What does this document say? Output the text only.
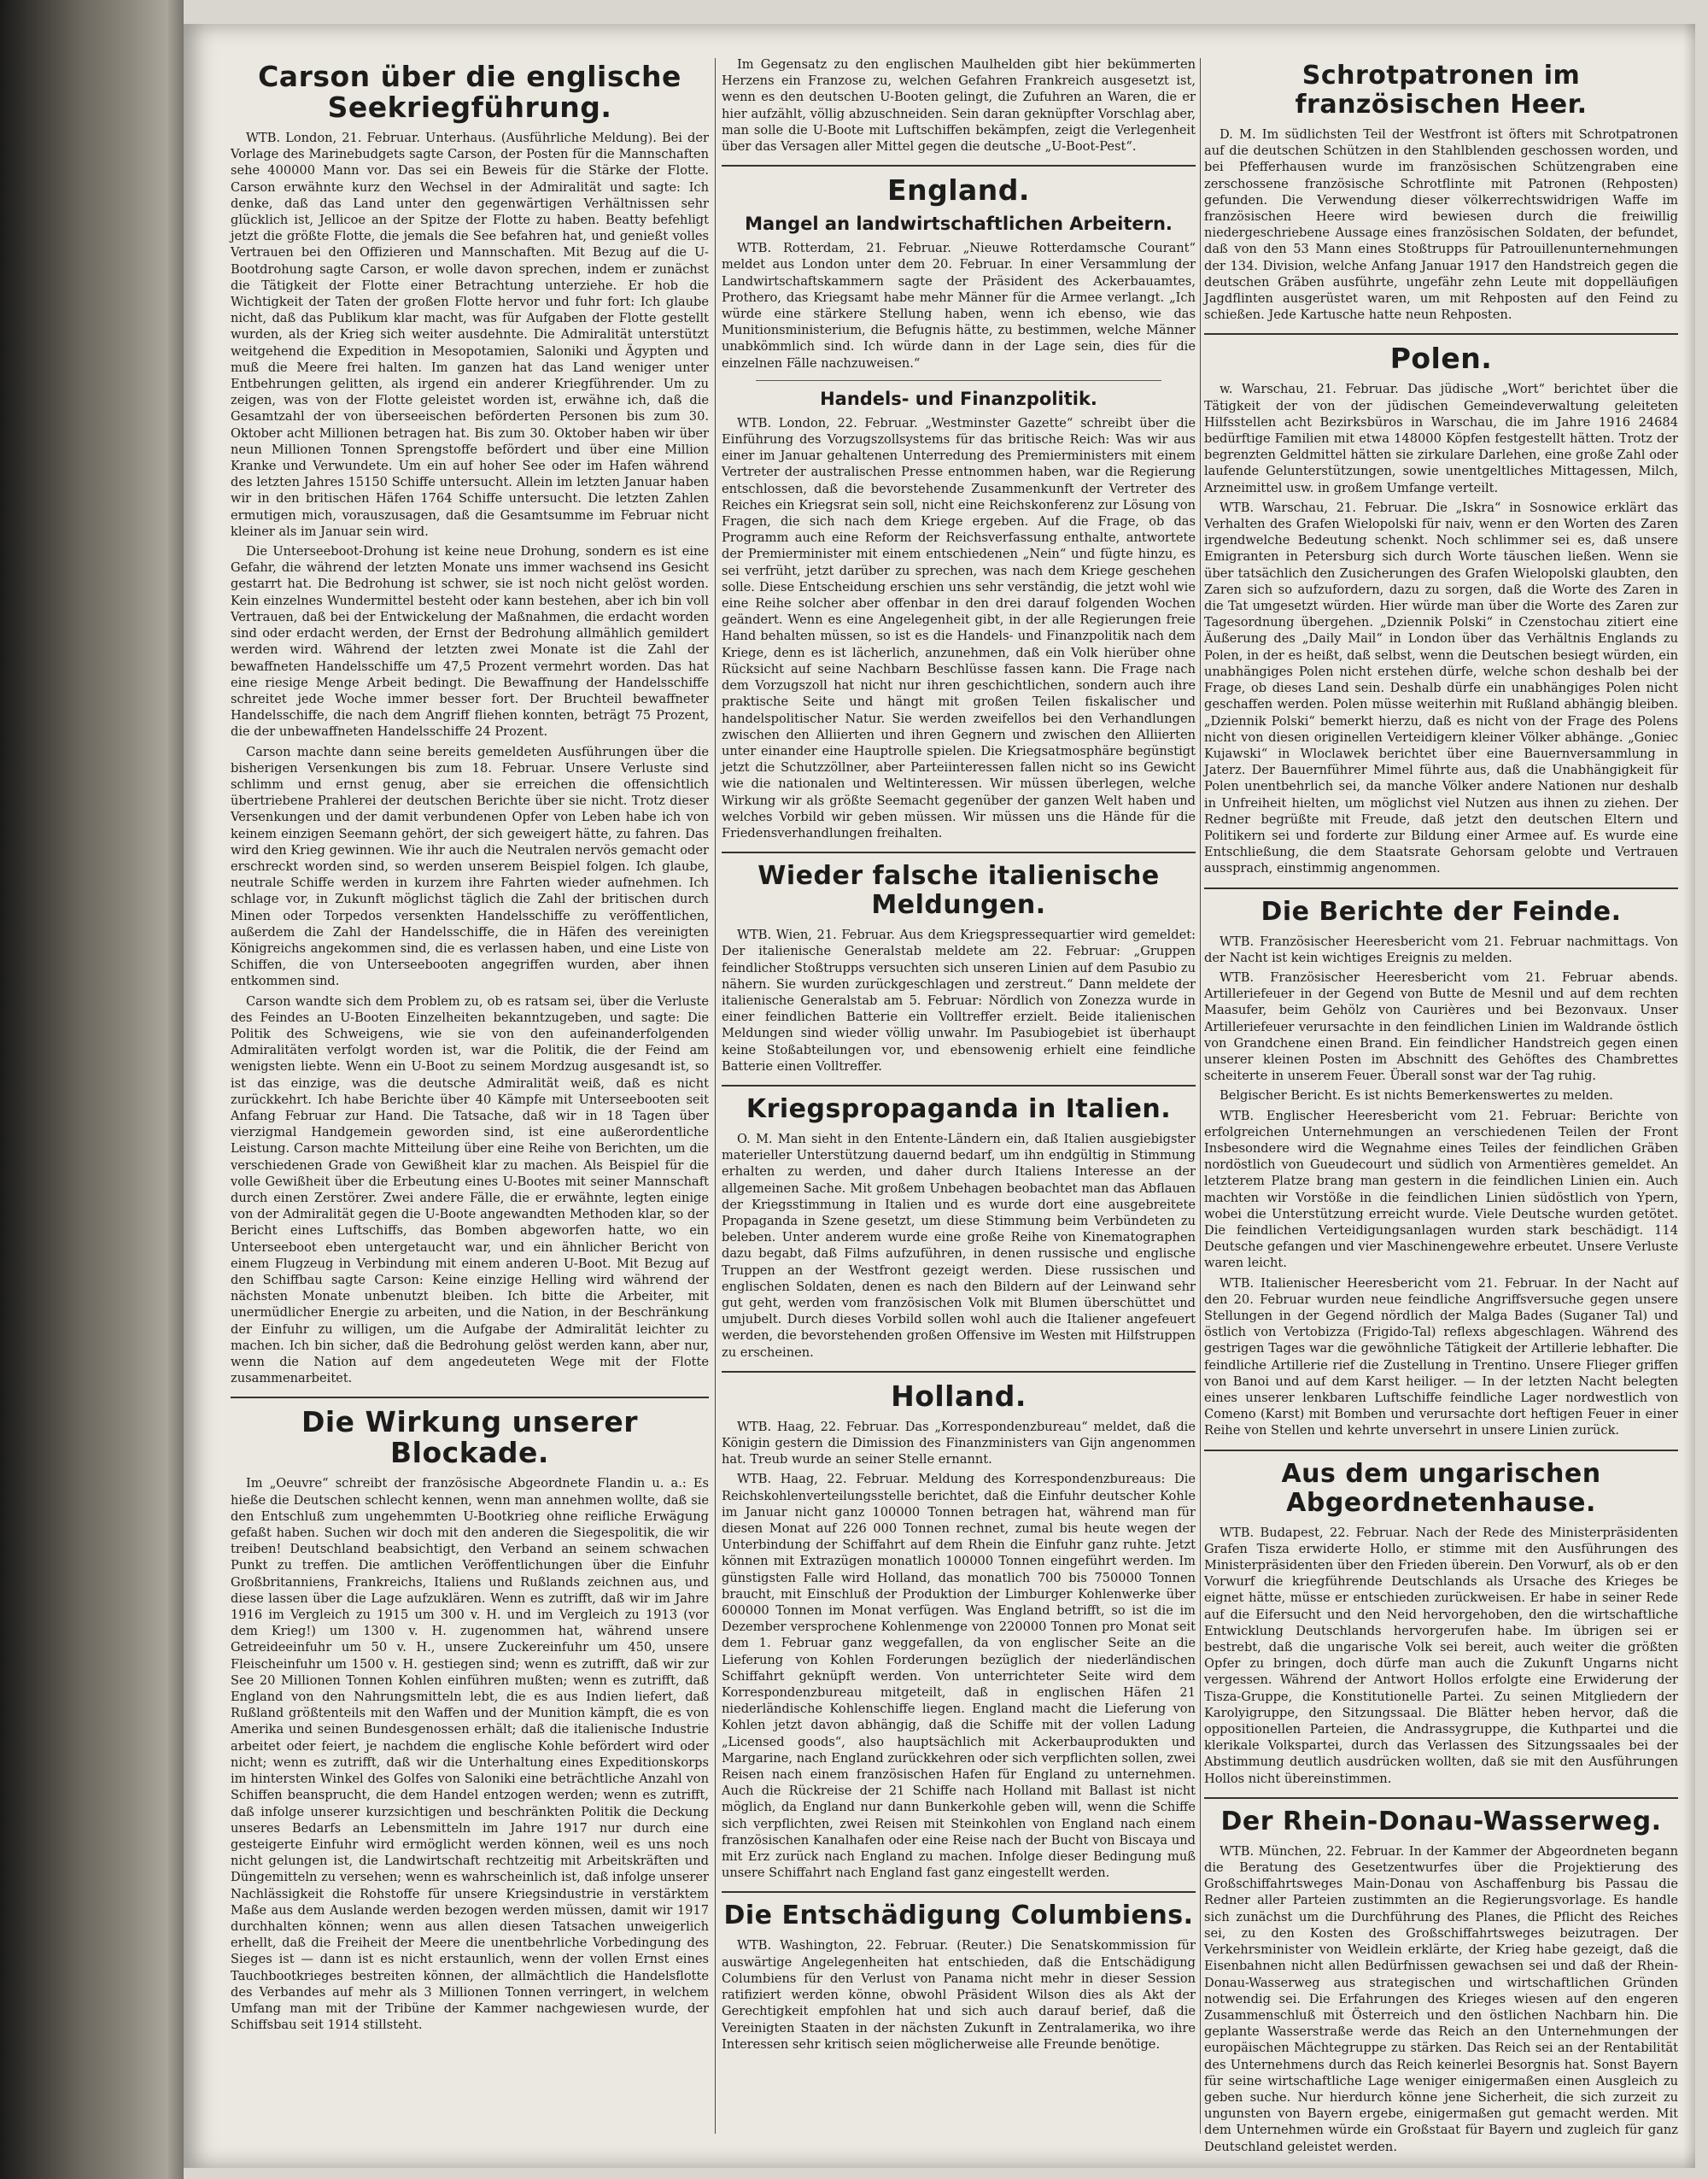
Carson über die englische Seekriegführung.

WTB. London, 21. Februar. Unterhaus. (Ausführliche Meldung). Bei der Vorlage des Marinebudgets sagte Carson, der Posten für die Mannschaften sehe 400000 Mann vor. Das sei ein Beweis für die Stärke der Flotte. Carson erwähnte kurz den Wechsel in der Admiralität und sagte: Ich denke, daß das Land unter den gegenwärtigen Verhältnissen sehr glücklich ist, Jellicoe an der Spitze der Flotte zu haben. Beatty befehligt jetzt die größte Flotte, die jemals die See befahren hat, und genießt volles Vertrauen bei den Offizieren und Mannschaften. Mit Bezug auf die U-Bootdrohung sagte Carson, er wolle davon sprechen, indem er zunächst die Tätigkeit der Flotte einer Betrachtung unterziehe. Er hob die Wichtigkeit der Taten der großen Flotte hervor und fuhr fort: Ich glaube nicht, daß das Publikum klar macht, was für Aufgaben der Flotte gestellt wurden, als der Krieg sich weiter ausdehnte. Die Admiralität unterstützt weitgehend die Expedition in Mesopotamien, Saloniki und Ägypten und muß die Meere frei halten. Im ganzen hat das Land weniger unter Entbehrungen gelitten, als irgend ein anderer Kriegführender. Um zu zeigen, was von der Flotte geleistet worden ist, erwähne ich, daß die Gesamtzahl der von überseeischen beförderten Personen bis zum 30. Oktober acht Millionen betragen hat. Bis zum 30. Oktober haben wir über neun Millionen Tonnen Sprengstoffe befördert und über eine Million Kranke und Verwundete. Um ein auf hoher See oder im Hafen während des letzten Jahres 15150 Schiffe untersucht. Allein im letzten Januar haben wir in den britischen Häfen 1764 Schiffe untersucht. Die letzten Zahlen ermutigen mich, vorauszusagen, daß die Gesamtsumme im Februar nicht kleiner als im Januar sein wird.

Die Unterseeboot-Drohung ist keine neue Drohung, sondern es ist eine Gefahr, die während der letzten Monate uns immer wachsend ins Gesicht gestarrt hat. Die Bedrohung ist schwer, sie ist noch nicht gelöst worden. Kein einzelnes Wundermittel besteht oder kann bestehen, aber ich bin voll Vertrauen, daß bei der Entwickelung der Maßnahmen, die erdacht worden sind oder erdacht werden, der Ernst der Bedrohung allmählich gemildert werden wird. Während der letzten zwei Monate ist die Zahl der bewaffneten Handelsschiffe um 47,5 Prozent vermehrt worden. Das hat eine riesige Menge Arbeit bedingt. Die Bewaffnung der Handelsschiffe schreitet jede Woche immer besser fort. Der Bruchteil bewaffneter Handelsschiffe, die nach dem Angriff fliehen konnten, beträgt 75 Prozent, die der unbewaffneten Handelsschiffe 24 Prozent.

Carson machte dann seine bereits gemeldeten Ausführungen über die bisherigen Versenkungen bis zum 18. Februar. Unsere Verluste sind schlimm und ernst genug, aber sie erreichen die offensichtlich übertriebene Prahlerei der deutschen Berichte über sie nicht. Trotz dieser Versenkungen und der damit verbundenen Opfer von Leben habe ich von keinem einzigen Seemann gehört, der sich geweigert hätte, zu fahren. Das wird den Krieg gewinnen. Wie ihr auch die Neutralen nervös gemacht oder erschreckt worden sind, so werden unserem Beispiel folgen. Ich glaube, neutrale Schiffe werden in kurzem ihre Fahrten wieder aufnehmen. Ich schlage vor, in Zukunft möglichst täglich die Zahl der britischen durch Minen oder Torpedos versenkten Handelsschiffe zu veröffentlichen, außerdem die Zahl der Handelsschiffe, die in Häfen des vereinigten Königreichs angekommen sind, die es verlassen haben, und eine Liste von Schiffen, die von Unterseebooten angegriffen wurden, aber ihnen entkommen sind.

Carson wandte sich dem Problem zu, ob es ratsam sei, über die Verluste des Feindes an U-Booten Einzelheiten bekanntzugeben, und sagte: Die Politik des Schweigens, wie sie von den aufeinanderfolgenden Admiralitäten verfolgt worden ist, war die Politik, die der Feind am wenigsten liebte. Wenn ein U-Boot zu seinem Mordzug ausgesandt ist, so ist das einzige, was die deutsche Admiralität weiß, daß es nicht zurückkehrt. Ich habe Berichte über 40 Kämpfe mit Unterseebooten seit Anfang Februar zur Hand. Die Tatsache, daß wir in 18 Tagen über vierzigmal Handgemein geworden sind, ist eine außerordentliche Leistung. Carson machte Mitteilung über eine Reihe von Berichten, um die verschiedenen Grade von Gewißheit klar zu machen. Als Beispiel für die volle Gewißheit über die Erbeutung eines U-Bootes mit seiner Mannschaft durch einen Zerstörer. Zwei andere Fälle, die er erwähnte, legten einige von der Admiralität gegen die U-Boote angewandten Methoden klar, so der Bericht eines Luftschiffs, das Bomben abgeworfen hatte, wo ein Unterseeboot eben untergetaucht war, und ein ähnlicher Bericht von einem Flugzeug in Verbindung mit einem anderen U-Boot. Mit Bezug auf den Schiffbau sagte Carson: Keine einzige Helling wird während der nächsten Monate unbenutzt bleiben. Ich bitte die Arbeiter, mit unermüdlicher Energie zu arbeiten, und die Nation, in der Beschränkung der Einfuhr zu willigen, um die Aufgabe der Admiralität leichter zu machen. Ich bin sicher, daß die Bedrohung gelöst werden kann, aber nur, wenn die Nation auf dem angedeuteten Wege mit der Flotte zusammenarbeitet.

Die Wirkung unserer Blockade.

Im „Oeuvre“ schreibt der französische Abgeordnete Flandin u. a.: Es hieße die Deutschen schlecht kennen, wenn man annehmen wollte, daß sie den Entschluß zum ungehemmten U-Bootkrieg ohne reifliche Erwägung gefaßt haben. Suchen wir doch mit den anderen die Siegespolitik, die wir treiben! Deutschland beabsichtigt, den Verband an seinem schwachen Punkt zu treffen. Die amtlichen Veröffentlichungen über die Einfuhr Großbritanniens, Frankreichs, Italiens und Rußlands zeichnen aus, und diese lassen über die Lage aufzuklären. Wenn es zutrifft, daß wir im Jahre 1916 im Vergleich zu 1915 um 300 v. H. und im Vergleich zu 1913 (vor dem Krieg!) um 1300 v. H. zugenommen hat, während unsere Getreideeinfuhr um 50 v. H., unsere Zuckereinfuhr um 450, unsere Fleischeinfuhr um 1500 v. H. gestiegen sind; wenn es zutrifft, daß wir zur See 20 Millionen Tonnen Kohlen einführen mußten; wenn es zutrifft, daß England von den Nahrungsmitteln lebt, die es aus Indien liefert, daß Rußland größtenteils mit den Waffen und der Munition kämpft, die es von Amerika und seinen Bundesgenossen erhält; daß die italienische Industrie arbeitet oder feiert, je nachdem die englische Kohle befördert wird oder nicht; wenn es zutrifft, daß wir die Unterhaltung eines Expeditionskorps im hintersten Winkel des Golfes von Saloniki eine beträchtliche Anzahl von Schiffen beansprucht, die dem Handel entzogen werden; wenn es zutrifft, daß infolge unserer kurzsichtigen und beschränkten Politik die Deckung unseres Bedarfs an Lebensmitteln im Jahre 1917 nur durch eine gesteigerte Einfuhr wird ermöglicht werden können, weil es uns noch nicht gelungen ist, die Landwirtschaft rechtzeitig mit Arbeitskräften und Düngemitteln zu versehen; wenn es wahrscheinlich ist, daß infolge unserer Nachlässigkeit die Rohstoffe für unsere Kriegsindustrie in verstärktem Maße aus dem Auslande werden bezogen werden müssen, damit wir 1917 durchhalten können; wenn aus allen diesen Tatsachen unweigerlich erhellt, daß die Freiheit der Meere die unentbehrliche Vorbedingung des Sieges ist — dann ist es nicht erstaunlich, wenn der vollen Ernst eines Tauchbootkrieges bestreiten können, der allmächtlich die Handelsflotte des Verbandes auf mehr als 3 Millionen Tonnen verringert, in welchem Umfang man mit der Tribüne der Kammer nachgewiesen wurde, der Schiffsbau seit 1914 stillsteht.

Im Gegensatz zu den englischen Maulhelden gibt hier bekümmerten Herzens ein Franzose zu, welchen Gefahren Frankreich ausgesetzt ist, wenn es den deutschen U-Booten gelingt, die Zufuhren an Waren, die er hier aufzählt, völlig abzuschneiden. Sein daran geknüpfter Vorschlag aber, man solle die U-Boote mit Luftschiffen bekämpfen, zeigt die Verlegenheit über das Versagen aller Mittel gegen die deutsche „U-Boot-Pest“.

England.
Mangel an landwirtschaftlichen Arbeitern.

WTB. Rotterdam, 21. Februar. „Nieuwe Rotterdamsche Courant“ meldet aus London unter dem 20. Februar. In einer Versammlung der Landwirtschaftskammern sagte der Präsident des Ackerbauamtes, Prothero, das Kriegsamt habe mehr Männer für die Armee verlangt. „Ich würde eine stärkere Stellung haben, wenn ich ebenso, wie das Munitionsministerium, die Befugnis hätte, zu bestimmen, welche Männer unabkömmlich sind. Ich würde dann in der Lage sein, dies für die einzelnen Fälle nachzuweisen.“

Handels- und Finanzpolitik.

WTB. London, 22. Februar. „Westminster Gazette“ schreibt über die Einführung des Vorzugszollsystems für das britische Reich: Was wir aus einer im Januar gehaltenen Unterredung des Premierministers mit einem Vertreter der australischen Presse entnommen haben, war die Regierung entschlossen, daß die bevorstehende Zusammenkunft der Vertreter des Reiches ein Kriegsrat sein soll, nicht eine Reichskonferenz zur Lösung von Fragen, die sich nach dem Kriege ergeben. Auf die Frage, ob das Programm auch eine Reform der Reichsverfassung enthalte, antwortete der Premierminister mit einem entschiedenen „Nein“ und fügte hinzu, es sei verfrüht, jetzt darüber zu sprechen, was nach dem Kriege geschehen solle. Diese Entscheidung erschien uns sehr verständig, die jetzt wohl wie eine Reihe solcher aber offenbar in den drei darauf folgenden Wochen geändert. Wenn es eine Angelegenheit gibt, in der alle Regierungen freie Hand behalten müssen, so ist es die Handels- und Finanzpolitik nach dem Kriege, denn es ist lächerlich, anzunehmen, daß ein Volk hierüber ohne Rücksicht auf seine Nachbarn Beschlüsse fassen kann. Die Frage nach dem Vorzugszoll hat nicht nur ihren geschichtlichen, sondern auch ihre praktische Seite und hängt mit großen Teilen fiskalischer und handelspolitischer Natur. Sie werden zweifellos bei den Verhandlungen zwischen den Alliierten und ihren Gegnern und zwischen den Alliierten unter einander eine Hauptrolle spielen. Die Kriegsatmosphäre begünstigt jetzt die Schutzzöllner, aber Parteiinteressen fallen nicht so ins Gewicht wie die nationalen und Weltinteressen. Wir müssen überlegen, welche Wirkung wir als größte Seemacht gegenüber der ganzen Welt haben und welches Vorbild wir geben müssen. Wir müssen uns die Hände für die Friedensverhandlungen freihalten.

Wieder falsche italienische Meldungen.

WTB. Wien, 21. Februar. Aus dem Kriegspressequartier wird gemeldet: Der italienische Generalstab meldete am 22. Februar: „Gruppen feindlicher Stoßtrupps versuchten sich unseren Linien auf dem Pasubio zu nähern. Sie wurden zurückgeschlagen und zerstreut.“ Dann meldete der italienische Generalstab am 5. Februar: Nördlich von Zonezza wurde in einer feindlichen Batterie ein Volltreffer erzielt. Beide italienischen Meldungen sind wieder völlig unwahr. Im Pasubiogebiet ist überhaupt keine Stoßabteilungen vor, und ebensowenig erhielt eine feindliche Batterie einen Volltreffer.

Kriegspropaganda in Italien.

O. M. Man sieht in den Entente-Ländern ein, daß Italien ausgiebigster materieller Unterstützung dauernd bedarf, um ihn endgültig in Stimmung erhalten zu werden, und daher durch Italiens Interesse an der allgemeinen Sache. Mit großem Unbehagen beobachtet man das Abflauen der Kriegsstimmung in Italien und es wurde dort eine ausgebreitete Propaganda in Szene gesetzt, um diese Stimmung beim Verbündeten zu beleben. Unter anderem wurde eine große Reihe von Kinematographen dazu begabt, daß Films aufzuführen, in denen russische und englische Truppen an der Westfront gezeigt werden. Diese russischen und englischen Soldaten, denen es nach den Bildern auf der Leinwand sehr gut geht, werden vom französischen Volk mit Blumen überschüttet und umjubelt. Durch dieses Vorbild sollen wohl auch die Italiener angefeuert werden, die bevorstehenden großen Offensive im Westen mit Hilfstruppen zu erscheinen.

Holland.

WTB. Haag, 22. Februar. Das „Korrespondenzbureau“ meldet, daß die Königin gestern die Dimission des Finanzministers van Gijn angenommen hat. Treub wurde an seiner Stelle ernannt.

WTB. Haag, 22. Februar. Meldung des Korrespondenzbureaus: Die Reichskohlenverteilungsstelle berichtet, daß die Einfuhr deutscher Kohle im Januar nicht ganz 100000 Tonnen betragen hat, während man für diesen Monat auf 226 000 Tonnen rechnet, zumal bis heute wegen der Unterbindung der Schiffahrt auf dem Rhein die Einfuhr ganz ruhte. Jetzt können mit Extrazügen monatlich 100000 Tonnen eingeführt werden. Im günstigsten Falle wird Holland, das monatlich 700 bis 750000 Tonnen braucht, mit Einschluß der Produktion der Limburger Kohlenwerke über 600000 Tonnen im Monat verfügen. Was England betrifft, so ist die im Dezember versprochene Kohlenmenge von 220000 Tonnen pro Monat seit dem 1. Februar ganz weggefallen, da von englischer Seite an die Lieferung von Kohlen Forderungen bezüglich der niederländischen Schiffahrt geknüpft werden. Von unterrichteter Seite wird dem Korrespondenzbureau mitgeteilt, daß in englischen Häfen 21 niederländische Kohlenschiffe liegen. England macht die Lieferung von Kohlen jetzt davon abhängig, daß die Schiffe mit der vollen Ladung „Licensed goods“, also hauptsächlich mit Ackerbauprodukten und Margarine, nach England zurückkehren oder sich verpflichten sollen, zwei Reisen nach einem französischen Hafen für England zu unternehmen. Auch die Rückreise der 21 Schiffe nach Holland mit Ballast ist nicht möglich, da England nur dann Bunkerkohle geben will, wenn die Schiffe sich verpflichten, zwei Reisen mit Steinkohlen von England nach einem französischen Kanalhafen oder eine Reise nach der Bucht von Biscaya und mit Erz zurück nach England zu machen. Infolge dieser Bedingung muß unsere Schiffahrt nach England fast ganz eingestellt werden.

Die Entschädigung Columbiens.

WTB. Washington, 22. Februar. (Reuter.) Die Senatskommission für auswärtige Angelegenheiten hat entschieden, daß die Entschädigung Columbiens für den Verlust von Panama nicht mehr in dieser Session ratifiziert werden könne, obwohl Präsident Wilson dies als Akt der Gerechtigkeit empfohlen hat und sich auch darauf berief, daß die Vereinigten Staaten in der nächsten Zukunft in Zentralamerika, wo ihre Interessen sehr kritisch seien möglicherweise alle Freunde benötige.

Schrotpatronen im französischen Heer.

D. M. Im südlichsten Teil der Westfront ist öfters mit Schrotpatronen auf die deutschen Schützen in den Stahlblenden geschossen worden, und bei Pfefferhausen wurde im französischen Schützengraben eine zerschossene französische Schrotflinte mit Patronen (Rehposten) gefunden. Die Verwendung dieser völkerrechtswidrigen Waffe im französischen Heere wird bewiesen durch die freiwillig niedergeschriebene Aussage eines französischen Soldaten, der befundet, daß von den 53 Mann eines Stoßtrupps für Patrouillenunternehmungen der 134. Division, welche Anfang Januar 1917 den Handstreich gegen die deutschen Gräben ausführte, ungefähr zehn Leute mit doppelläufigen Jagdflinten ausgerüstet waren, um mit Rehposten auf den Feind zu schießen. Jede Kartusche hatte neun Rehposten.

Polen.

w. Warschau, 21. Februar. Das jüdische „Wort“ berichtet über die Tätigkeit der von der jüdischen Gemeindeverwaltung geleiteten Hilfsstellen acht Bezirksbüros in Warschau, die im Jahre 1916 24684 bedürftige Familien mit etwa 148000 Köpfen festgestellt hätten. Trotz der begrenzten Geldmittel hätten sie zirkulare Darlehen, eine große Zahl oder laufende Gelunterstützungen, sowie unentgeltliches Mittagessen, Milch, Arzneimittel usw. in großem Umfange verteilt.

WTB. Warschau, 21. Februar. Die „Iskra“ in Sosnowice erklärt das Verhalten des Grafen Wielopolski für naiv, wenn er den Worten des Zaren irgendwelche Bedeutung schenkt. Noch schlimmer sei es, daß unsere Emigranten in Petersburg sich durch Worte täuschen ließen. Wenn sie über tatsächlich den Zusicherungen des Grafen Wielopolski glaubten, den Zaren sich so aufzufordern, dazu zu sorgen, daß die Worte des Zaren in die Tat umgesetzt würden. Hier würde man über die Worte des Zaren zur Tagesordnung übergehen. „Dziennik Polski“ in Czenstochau zitiert eine Äußerung des „Daily Mail“ in London über das Verhältnis Englands zu Polen, in der es heißt, daß selbst, wenn die Deutschen besiegt würden, ein unabhängiges Polen nicht erstehen dürfe, welche schon deshalb bei der Frage, ob dieses Land sein. Deshalb dürfe ein unabhängiges Polen nicht geschaffen werden. Polen müsse weiterhin mit Rußland abhängig bleiben. „Dziennik Polski“ bemerkt hierzu, daß es nicht von der Frage des Polens nicht von diesen originellen Verteidigern kleiner Völker abhänge. „Goniec Kujawski“ in Wloclawek berichtet über eine Bauernversammlung in Jaterz. Der Bauernführer Mimel führte aus, daß die Unabhängigkeit für Polen unentbehrlich sei, da manche Völker andere Nationen nur deshalb in Unfreiheit hielten, um möglichst viel Nutzen aus ihnen zu ziehen. Der Redner begrüßte mit Freude, daß jetzt den deutschen Eltern und Politikern sei und forderte zur Bildung einer Armee auf. Es wurde eine Entschließung, die dem Staatsrate Gehorsam gelobte und Vertrauen aussprach, einstimmig angenommen.

Die Berichte der Feinde.

WTB. Französischer Heeresbericht vom 21. Februar nachmittags. Von der Nacht ist kein wichtiges Ereignis zu melden.

WTB. Französischer Heeresbericht vom 21. Februar abends. Artilleriefeuer in der Gegend von Butte de Mesnil und auf dem rechten Maasufer, beim Gehölz von Caurières und bei Bezonvaux. Unser Artilleriefeuer verursachte in den feindlichen Linien im Waldrande östlich von Grandchene einen Brand. Ein feindlicher Handstreich gegen einen unserer kleinen Posten im Abschnitt des Gehöftes des Chambrettes scheiterte in unserem Feuer. Überall sonst war der Tag ruhig.

Belgischer Bericht. Es ist nichts Bemerkenswertes zu melden.

WTB. Englischer Heeresbericht vom 21. Februar: Berichte von erfolgreichen Unternehmungen an verschiedenen Teilen der Front Insbesondere wird die Wegnahme eines Teiles der feindlichen Gräben nordöstlich von Gueudecourt und südlich von Armentières gemeldet. An letzterem Platze brang man gestern in die feindlichen Linien ein. Auch machten wir Vorstöße in die feindlichen Linien südöstlich von Ypern, wobei die Unterstützung erreicht wurde. Viele Deutsche wurden getötet. Die feindlichen Verteidigungsanlagen wurden stark beschädigt. 114 Deutsche gefangen und vier Maschinengewehre erbeutet. Unsere Verluste waren leicht.

WTB. Italienischer Heeresbericht vom 21. Februar. In der Nacht auf den 20. Februar wurden neue feindliche Angriffsversuche gegen unsere Stellungen in der Gegend nördlich der Malga Bades (Suganer Tal) und östlich von Vertobizza (Frigido-Tal) reflexs abgeschlagen. Während des gestrigen Tages war die gewöhnliche Tätigkeit der Artillerie lebhafter. Die feindliche Artillerie rief die Zustellung in Trentino. Unsere Flieger griffen von Banoi und auf dem Karst heiliger. — In der letzten Nacht belegten eines unserer lenkbaren Luftschiffe feindliche Lager nordwestlich von Comeno (Karst) mit Bomben und verursachte dort heftigen Feuer in einer Reihe von Stellen und kehrte unversehrt in unsere Linien zurück.

Aus dem ungarischen Abgeordnetenhause.

WTB. Budapest, 22. Februar. Nach der Rede des Ministerpräsidenten Grafen Tisza erwiderte Hollo, er stimme mit den Ausführungen des Ministerpräsidenten über den Frieden überein. Den Vorwurf, als ob er den Vorwurf die kriegführende Deutschlands als Ursache des Krieges be eignet hätte, müsse er entschieden zurückweisen. Er habe in seiner Rede auf die Eifersucht und den Neid hervorgehoben, den die wirtschaftliche Entwicklung Deutschlands hervorgerufen habe. Im übrigen sei er bestrebt, daß die ungarische Volk sei bereit, auch weiter die größten Opfer zu bringen, doch dürfe man auch die Zukunft Ungarns nicht vergessen. Während der Antwort Hollos erfolgte eine Erwiderung der Tisza-Gruppe, die Konstitutionelle Partei. Zu seinen Mitgliedern der Karolyigruppe, den Sitzungssaal. Die Blätter heben hervor, daß die oppositionellen Parteien, die Andrassygruppe, die Kuthpartei und die klerikale Volkspartei, durch das Verlassen des Sitzungssaales bei der Abstimmung deutlich ausdrücken wollten, daß sie mit den Ausführungen Hollos nicht übereinstimmen.

Der Rhein-Donau-Wasserweg.

WTB. München, 22. Februar. In der Kammer der Abgeordneten begann die Beratung des Gesetzentwurfes über die Projektierung des Großschiffahrtsweges Main-Donau von Aschaffenburg bis Passau die Redner aller Parteien zustimmten an die Regierungsvorlage. Es handle sich zunächst um die Durchführung des Planes, die Pflicht des Reiches sei, zu den Kosten des Großschiffahrtsweges beizutragen. Der Verkehrsminister von Weidlein erklärte, der Krieg habe gezeigt, daß die Eisenbahnen nicht allen Bedürfnissen gewachsen sei und daß der Rhein-Donau-Wasserweg aus strategischen und wirtschaftlichen Gründen notwendig sei. Die Erfahrungen des Krieges wiesen auf den engeren Zusammenschluß mit Österreich und den östlichen Nachbarn hin. Die geplante Wasserstraße werde das Reich an den Unternehmungen der europäischen Mächtegruppe zu stärken. Das Reich sei an der Rentabilität des Unternehmens durch das Reich keinerlei Besorgnis hat. Sonst Bayern für seine wirtschaftliche Lage weniger einigermaßen einen Ausgleich zu geben suche. Nur hierdurch könne jene Sicherheit, die sich zurzeit zu ungunsten von Bayern ergebe, einigermaßen gut gemacht werden. Mit dem Unternehmen würde ein Großstaat für Bayern und zugleich für ganz Deutschland geleistet werden.
